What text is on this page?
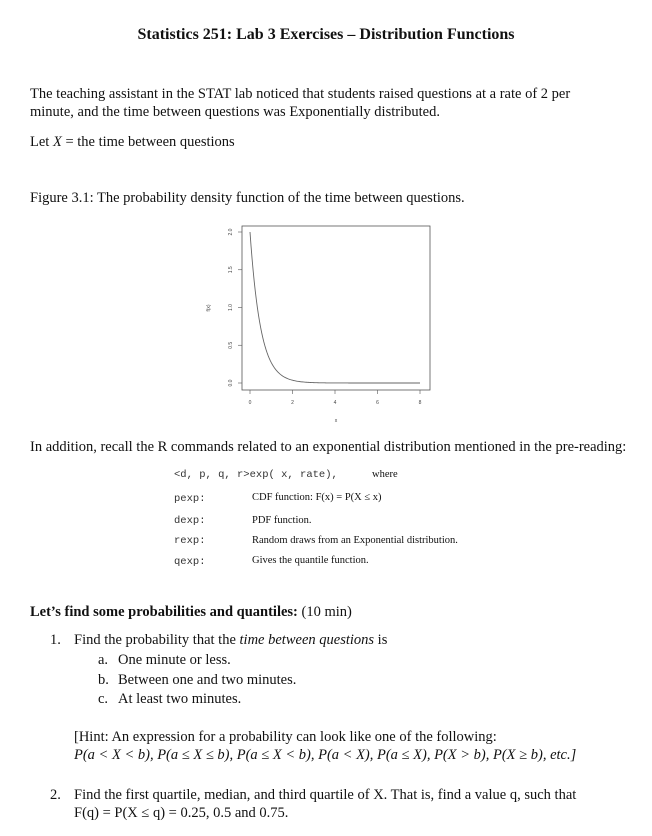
Statistics 251: Lab 3 Exercises – Distribution Functions
The teaching assistant in the STAT lab noticed that students raised questions at a rate of 2 per
minute, and the time between questions was Exponentially distributed.
Let X = the time between questions
Figure 3.1: The probability density function of the time between questions.
0	2	4	6	8
0.0
0.5
1.0
1.5
2.0
x
f(x)
In addition, recall the R commands related to an exponential distribution mentioned in the pre-reading:
<d, p, q, r>exp( x, rate),	where
pexp:	CDF function: F(x) = P(X ≤ x)
dexp:	PDF function.
rexp:	Random draws from an Exponential distribution.
qexp:	Gives the quantile function.
Let’s find some probabilities and quantiles: (10 min)
1. Find the probability that the time between questions is
a. One minute or less.
b. Between one and two minutes.
c. At least two minutes.
[Hint: An expression for a probability can look like one of the following:
P(a < X < b), P(a ≤ X ≤ b), P(a ≤ X < b), P(a < X), P(a ≤ X), P(X > b), P(X ≥ b), etc.]
2. Find the first quartile, median, and third quartile of X. That is, find a value q, such that
F(q) = P(X ≤ q) = 0.25, 0.5 and 0.75.
